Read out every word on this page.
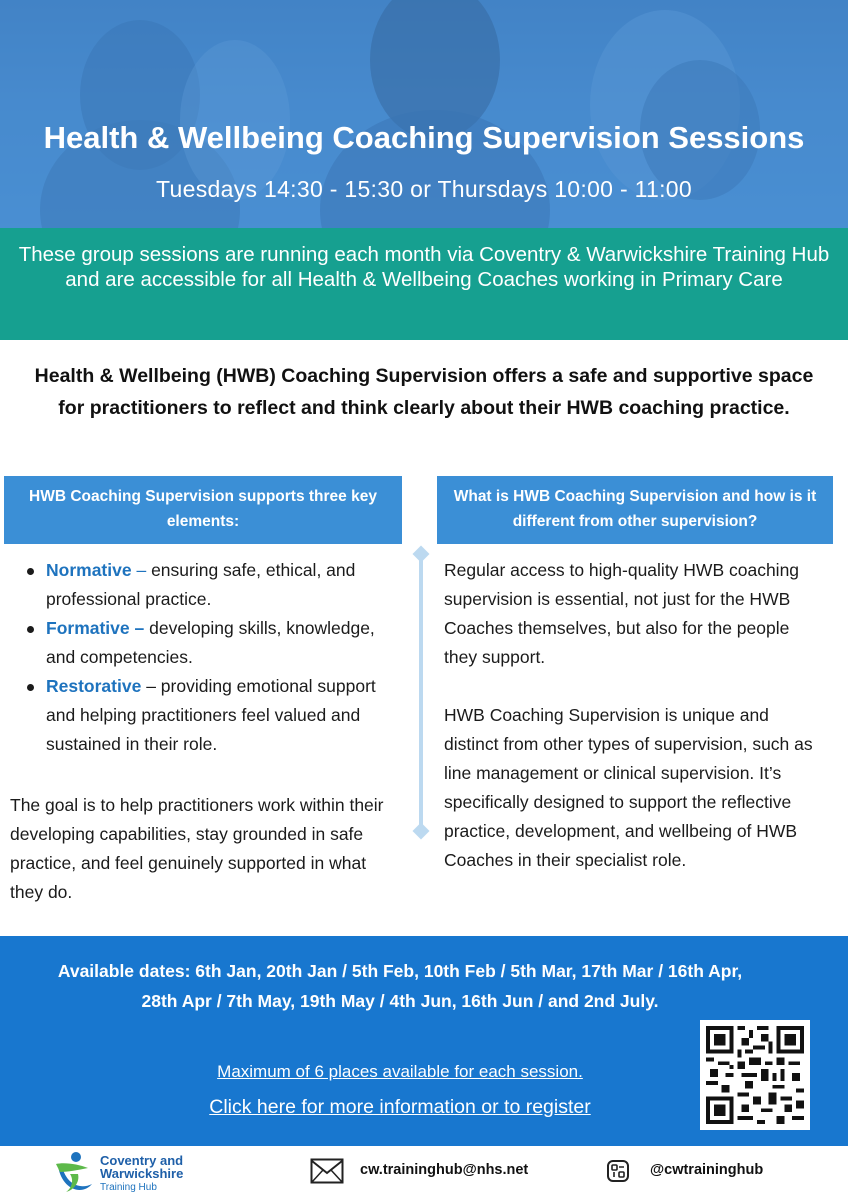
Health & Wellbeing Coaching Supervision Sessions
Tuesdays 14:30 - 15:30 or Thursdays 10:00 - 11:00
These group sessions are running each month via Coventry & Warwickshire Training Hub and are accessible for all Health & Wellbeing Coaches working in Primary Care
Health & Wellbeing (HWB) Coaching Supervision offers a safe and supportive space for practitioners to reflect and think clearly about their HWB coaching practice.
HWB Coaching Supervision supports three key elements:
What is HWB Coaching Supervision and how is it different from other supervision?
Normative – ensuring safe, ethical, and professional practice.
Formative – developing skills, knowledge, and competencies.
Restorative – providing emotional support and helping practitioners feel valued and sustained in their role.

The goal is to help practitioners work within their developing capabilities, stay grounded in safe practice, and feel genuinely supported in what they do.

Regular access to high-quality HWB coaching supervision is essential, not just for the HWB Coaches themselves, but also for the people they support.

HWB Coaching Supervision is unique and distinct from other types of supervision, such as line management or clinical supervision. It’s specifically designed to support the reflective practice, development, and wellbeing of HWB Coaches in their specialist role.

Available dates: 6th Jan, 20th Jan / 5th Feb, 10th Feb / 5th Mar, 17th Mar / 16th Apr, 28th Apr / 7th May, 19th May / 4th Jun, 16th Jun / and 2nd July.
Maximum of 6 places available for each session.
Click here for more information or to register
Coventry and
Warwickshire
Training Hub
cw.traininghub@nhs.net	@cwtraininghub
